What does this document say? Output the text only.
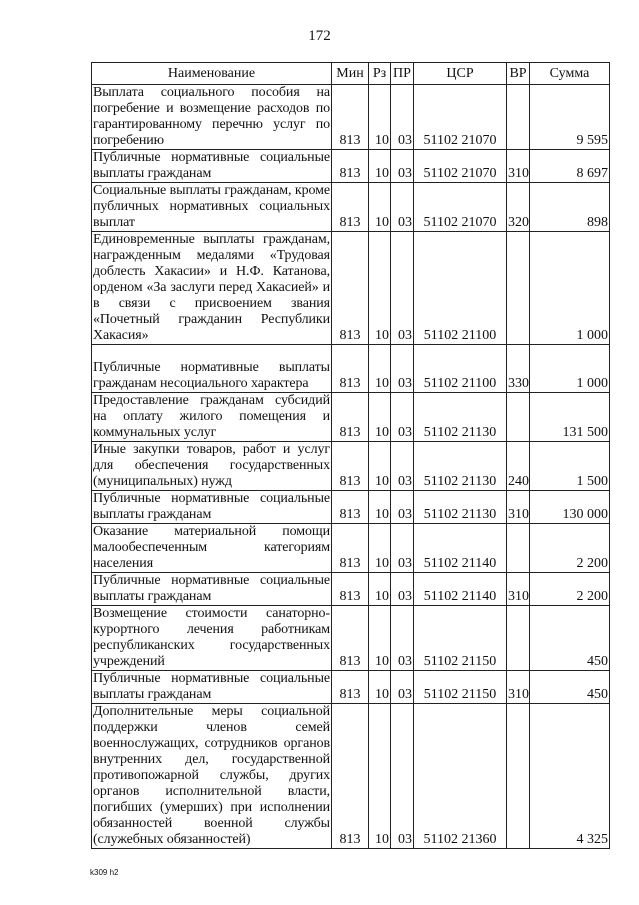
172
Наименование	Мин	Рз	ПР	ЦСР	ВР	Сумма
Выплата социального пособия на погребение и возмещение расходов по гарантированному перечню услуг по погребению	813	10	03	51102 21070		9 595
Публичные нормативные социальные выплаты гражданам	813	10	03	51102 21070	310	8 697
Социальные выплаты гражданам, кроме публичных нормативных социальных выплат	813	10	03	51102 21070	320	898
Единовременные выплаты гражданам, награжденным медалями «Трудовая доблесть Хакасии» и Н.Ф. Катанова, орденом «За заслуги перед Хакасией» и в связи с присвоением звания «Почетный гражданин Республики Хакасия»	813	10	03	51102 21100		1 000
Публичные нормативные выплаты гражданам несоциального характера	813	10	03	51102 21100	330	1 000
Предоставление гражданам субсидий на оплату жилого помещения и коммунальных услуг	813	10	03	51102 21130		131 500
Иные закупки товаров, работ и услуг для обеспечения государственных (муниципальных) нужд	813	10	03	51102 21130	240	1 500
Публичные нормативные социальные выплаты гражданам	813	10	03	51102 21130	310	130 000
Оказание материальной помощи малообеспеченным категориям населения	813	10	03	51102 21140		2 200
Публичные нормативные социальные выплаты гражданам	813	10	03	51102 21140	310	2 200
Возмещение стоимости санаторно-курортного лечения работникам республиканских государственных учреждений	813	10	03	51102 21150		450
Публичные нормативные социальные выплаты гражданам	813	10	03	51102 21150	310	450
Дополнительные меры социальной поддержки членов семей военнослужащих, сотрудников органов внутренних дел, государственной противопожарной службы, других органов исполнительной власти, погибших (умерших) при исполнении обязанностей военной службы (служебных обязанностей)	813	10	03	51102 21360		4 325
k309 h2
